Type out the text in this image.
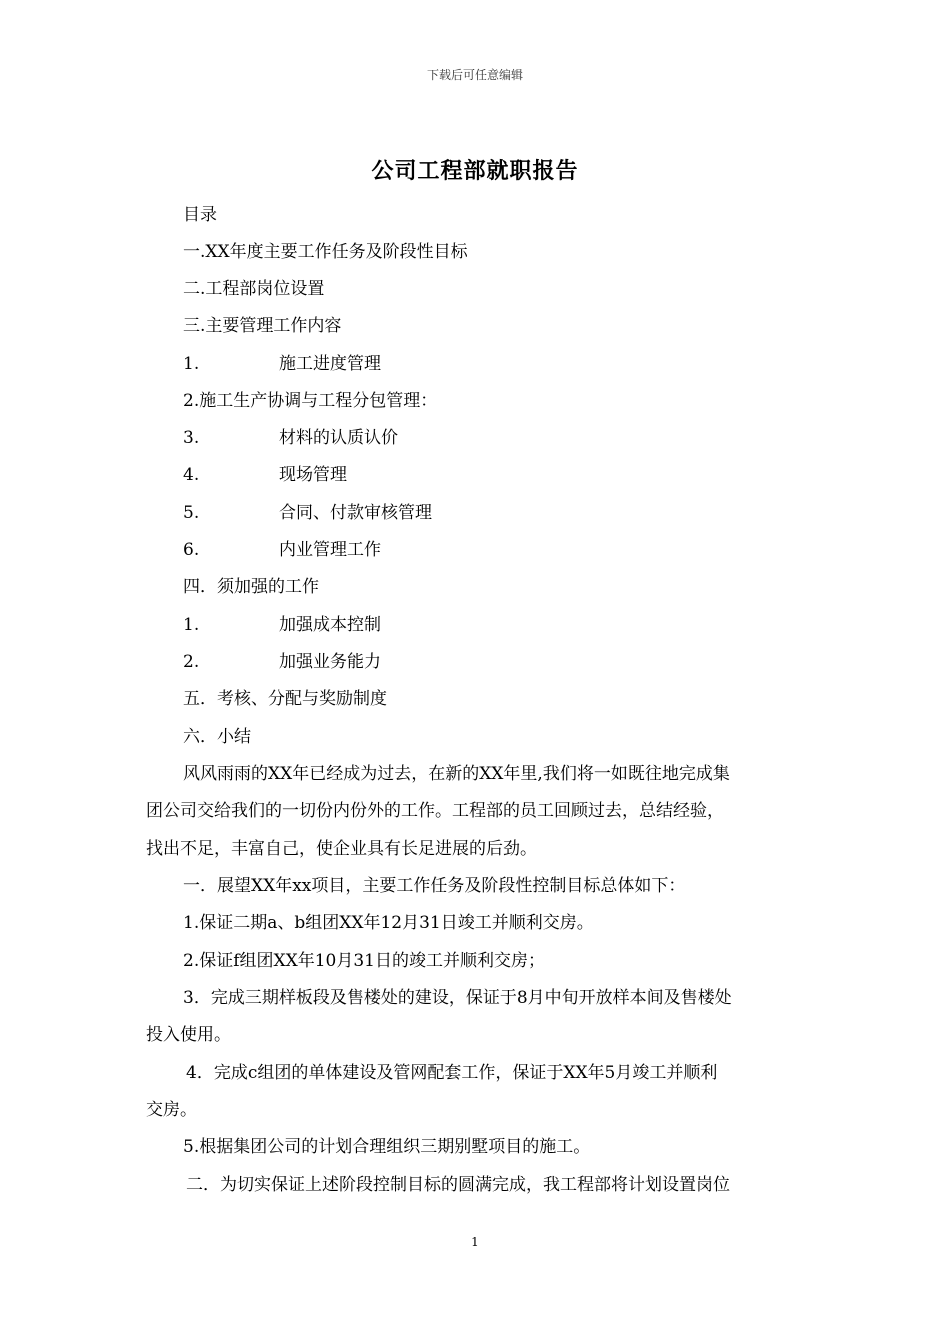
下载后可任意编辑
公司工程部就职报告
目录
一.XX年度主要工作任务及阶段性目标
二.工程部岗位设置
三.主要管理工作内容
1.	施工进度管理
2.施工生产协调与工程分包管理：
3.	材料的认质认价
4.	现场管理
5.	合同、付款审核管理
6.	内业管理工作
四．须加强的工作
1.	加强成本控制
2.	加强业务能力
五．考核、分配与奖励制度
六．小结
风风雨雨的XX年已经成为过去，在新的XX年里,我们将一如既往地完成集
团公司交给我们的一切份内份外的工作。工程部的员工回顾过去，总结经验，
找出不足，丰富自己，使企业具有长足进展的后劲。
一．展望XX年xx项目，主要工作任务及阶段性控制目标总体如下：
1.保证二期a、b组团XX年12月31日竣工并顺利交房。
2.保证f组团XX年10月31日的竣工并顺利交房；
3．完成三期样板段及售楼处的建设，保证于8月中旬开放样本间及售楼处
投入使用。
4．完成c组团的单体建设及管网配套工作，保证于XX年5月竣工并顺利
交房。
5.根据集团公司的计划合理组织三期别墅项目的施工。
二．为切实保证上述阶段控制目标的圆满完成，我工程部将计划设置岗位
1
